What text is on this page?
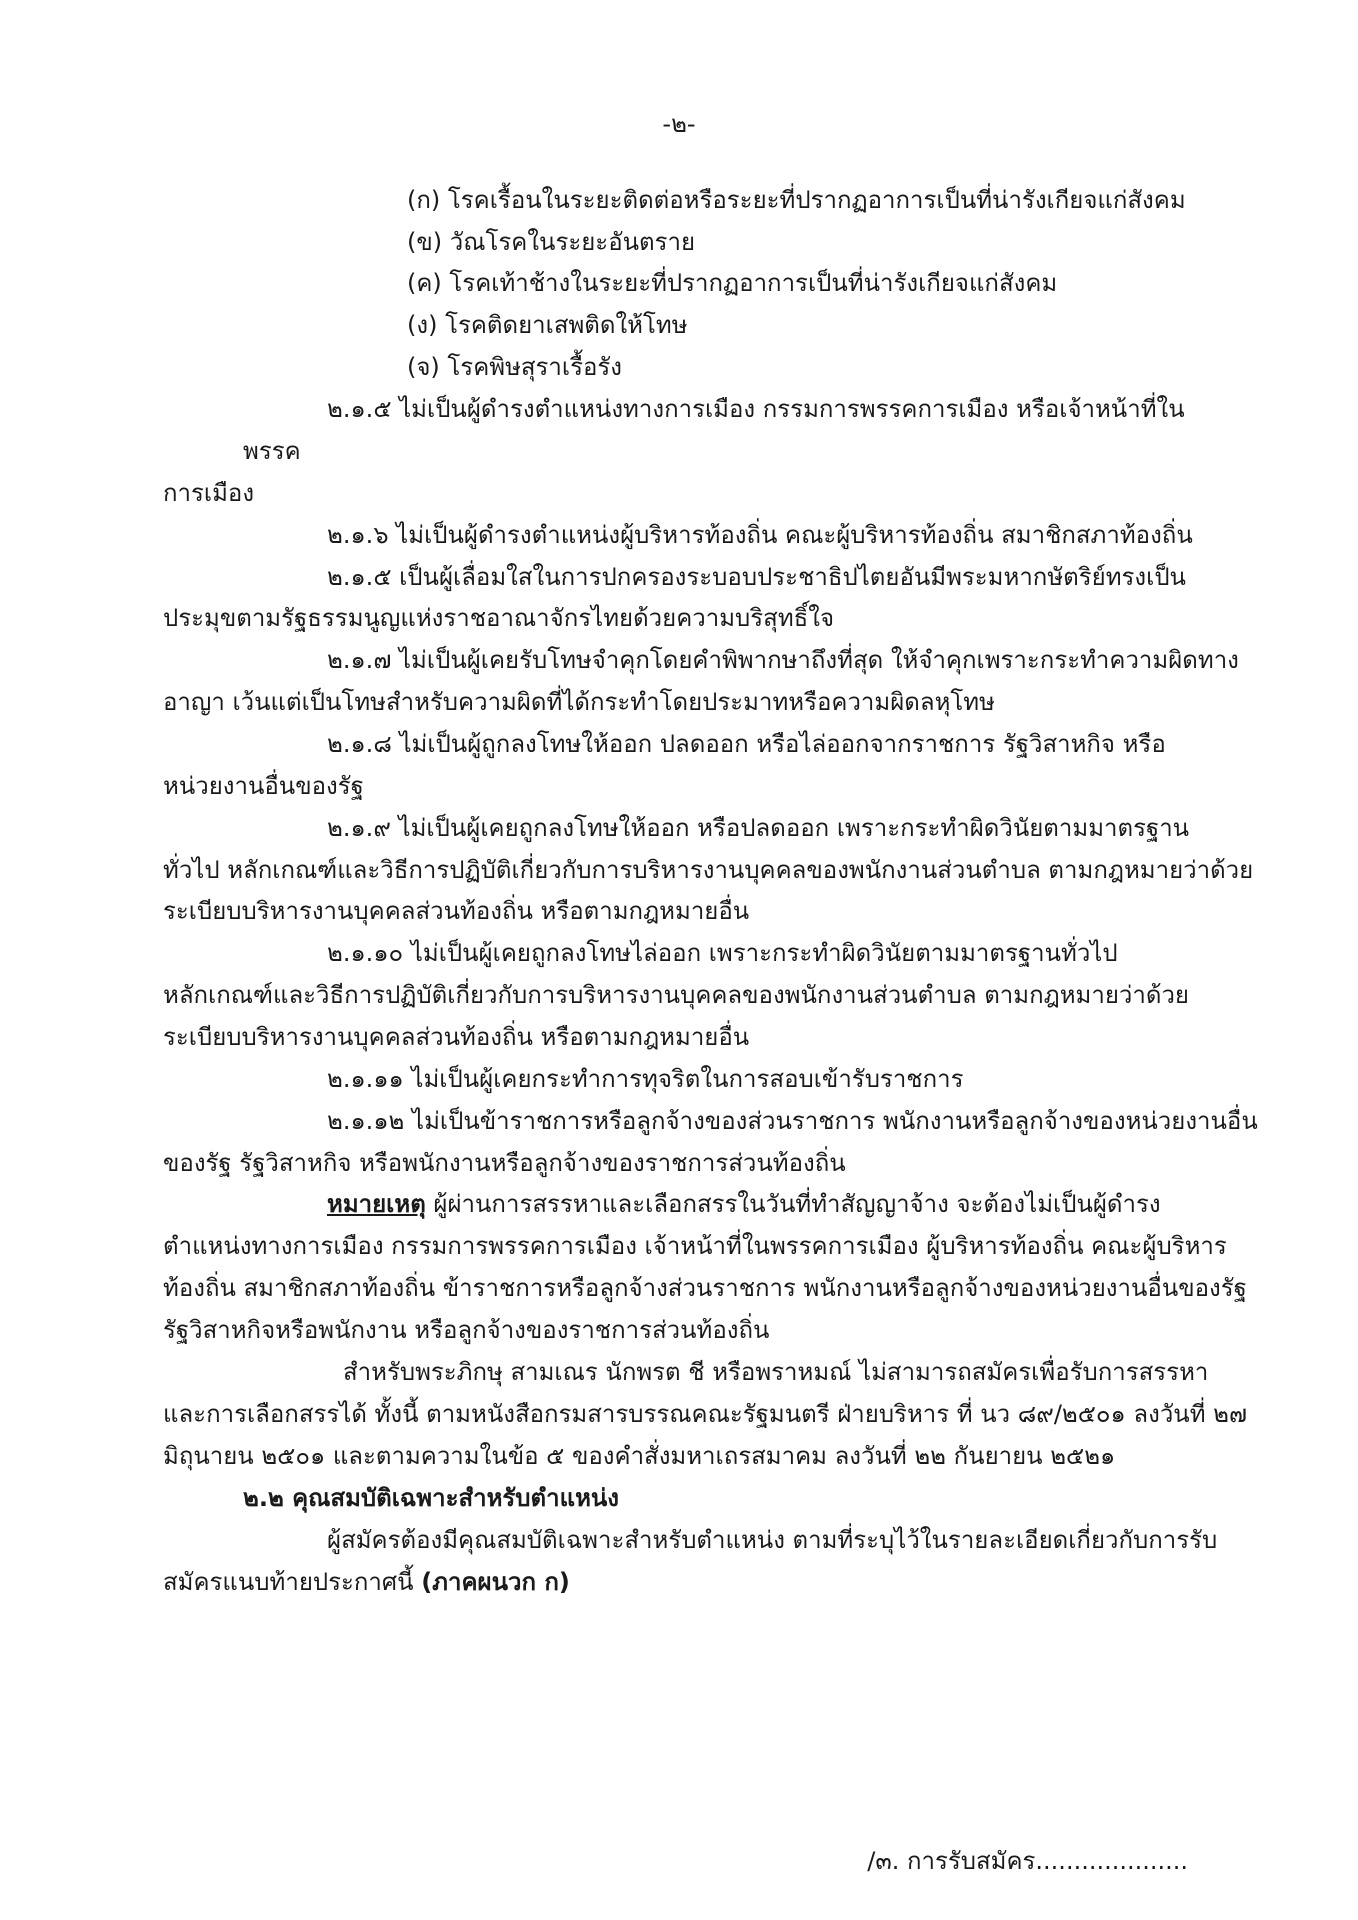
-๒-
(ก) โรคเรื้อนในระยะติดต่อหรือระยะที่ปรากฏอาการเป็นที่น่ารังเกียจแก่สังคม
(ข) วัณโรคในระยะอันตราย
(ค) โรคเท้าช้างในระยะที่ปรากฏอาการเป็นที่น่ารังเกียจแก่สังคม
(ง) โรคติดยาเสพติดให้โทษ
(จ) โรคพิษสุราเรื้อรัง
๒.๑.๕ ไม่เป็นผู้ดำรงตำแหน่งทางการเมือง กรรมการพรรคการเมือง หรือเจ้าหน้าที่ใน
พรรค
การเมือง
๒.๑.๖ ไม่เป็นผู้ดำรงตำแหน่งผู้บริหารท้องถิ่น คณะผู้บริหารท้องถิ่น สมาชิกสภาท้องถิ่น
๒.๑.๕ เป็นผู้เลื่อมใสในการปกครองระบอบประชาธิปไตยอันมีพระมหากษัตริย์ทรงเป็น
ประมุขตามรัฐธรรมนูญแห่งราชอาณาจักรไทยด้วยความบริสุทธิ์ใจ
๒.๑.๗ ไม่เป็นผู้เคยรับโทษจำคุกโดยคำพิพากษาถึงที่สุด ให้จำคุกเพราะกระทำความผิดทาง
อาญา เว้นแต่เป็นโทษสำหรับความผิดที่ได้กระทำโดยประมาทหรือความผิดลหุโทษ
๒.๑.๘ ไม่เป็นผู้ถูกลงโทษให้ออก ปลดออก หรือไล่ออกจากราชการ รัฐวิสาหกิจ หรือ
หน่วยงานอื่นของรัฐ
๒.๑.๙ ไม่เป็นผู้เคยถูกลงโทษให้ออก หรือปลดออก เพราะกระทำผิดวินัยตามมาตรฐาน
ทั่วไป หลักเกณฑ์และวิธีการปฏิบัติเกี่ยวกับการบริหารงานบุคคลของพนักงานส่วนตำบล ตามกฎหมายว่าด้วย
ระเบียบบริหารงานบุคคลส่วนท้องถิ่น หรือตามกฎหมายอื่น
๒.๑.๑๐ ไม่เป็นผู้เคยถูกลงโทษไล่ออก เพราะกระทำผิดวินัยตามมาตรฐานทั่วไป
หลักเกณฑ์และวิธีการปฏิบัติเกี่ยวกับการบริหารงานบุคคลของพนักงานส่วนตำบล ตามกฎหมายว่าด้วย
ระเบียบบริหารงานบุคคลส่วนท้องถิ่น หรือตามกฎหมายอื่น
๒.๑.๑๑ ไม่เป็นผู้เคยกระทำการทุจริตในการสอบเข้ารับราชการ
๒.๑.๑๒ ไม่เป็นข้าราชการหรือลูกจ้างของส่วนราชการ พนักงานหรือลูกจ้างของหน่วยงานอื่น
ของรัฐ รัฐวิสาหกิจ หรือพนักงานหรือลูกจ้างของราชการส่วนท้องถิ่น
หมายเหตุ ผู้ผ่านการสรรหาและเลือกสรรในวันที่ทำสัญญาจ้าง จะต้องไม่เป็นผู้ดำรง
ตำแหน่งทางการเมือง กรรมการพรรคการเมือง เจ้าหน้าที่ในพรรคการเมือง ผู้บริหารท้องถิ่น คณะผู้บริหาร
ท้องถิ่น สมาชิกสภาท้องถิ่น ข้าราชการหรือลูกจ้างส่วนราชการ พนักงานหรือลูกจ้างของหน่วยงานอื่นของรัฐ
รัฐวิสาหกิจหรือพนักงาน หรือลูกจ้างของราชการส่วนท้องถิ่น
สำหรับพระภิกษุ สามเณร นักพรต ชี หรือพราหมณ์ ไม่สามารถสมัครเพื่อรับการสรรหา
และการเลือกสรรได้ ทั้งนี้ ตามหนังสือกรมสารบรรณคณะรัฐมนตรี ฝ่ายบริหาร ที่ นว ๘๙/๒๕๐๑ ลงวันที่ ๒๗
มิถุนายน ๒๕๐๑ และตามความในข้อ ๕ ของคำสั่งมหาเถรสมาคม ลงวันที่ ๒๒ กันยายน ๒๕๒๑
๒.๒ คุณสมบัติเฉพาะสำหรับตำแหน่ง
ผู้สมัครต้องมีคุณสมบัติเฉพาะสำหรับตำแหน่ง ตามที่ระบุไว้ในรายละเอียดเกี่ยวกับการรับ
สมัครแนบท้ายประกาศนี้ (ภาคผนวก ก)
/๓. การรับสมัคร....................
